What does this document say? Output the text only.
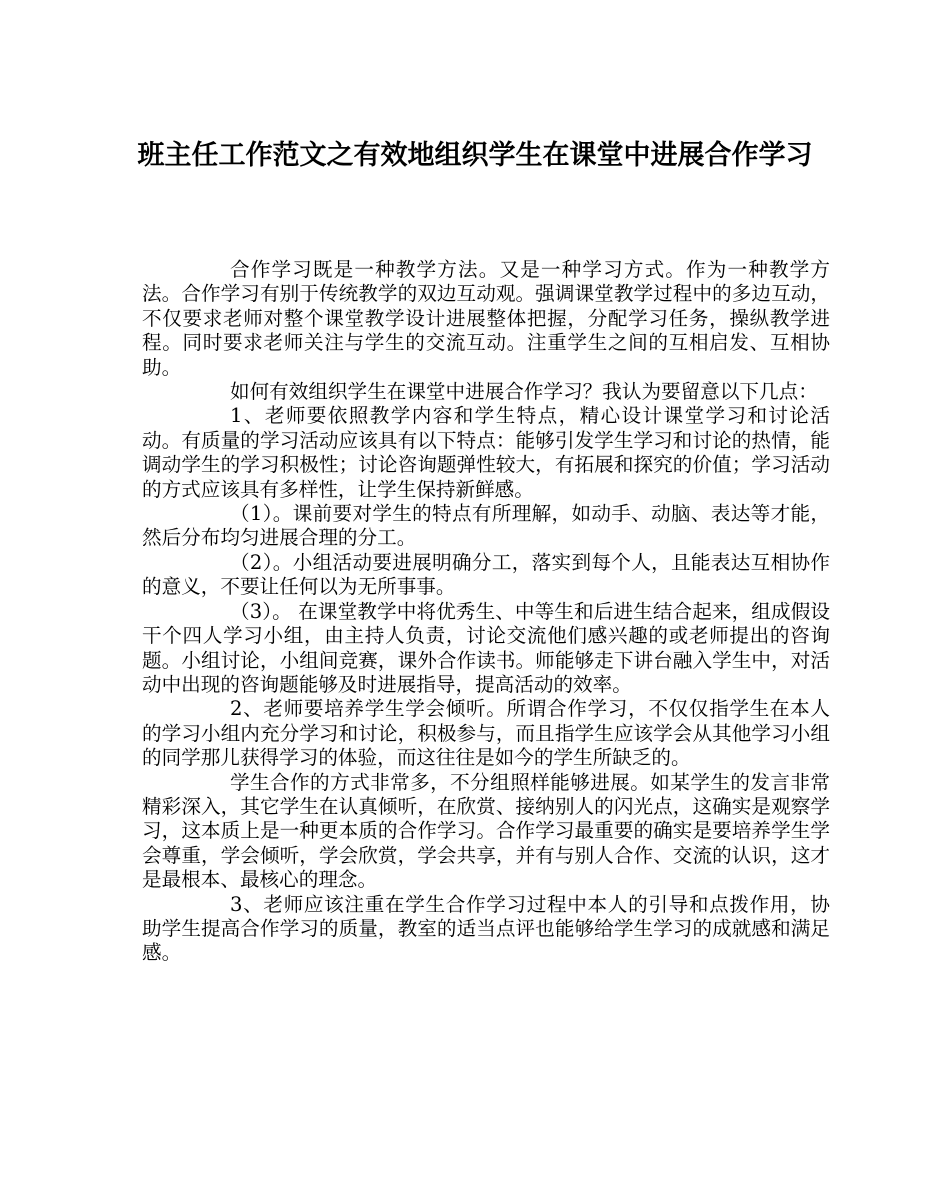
班主任工作范文之有效地组织学生在课堂中进展合作学习

合作学习既是一种教学方法。又是一种学习方式。作为一种教学方法。合作学习有别于传统教学的双边互动观。强调课堂教学过程中的多边互动，不仅要求老师对整个课堂教学设计进展整体把握，分配学习任务，操纵教学进程。同时要求老师关注与学生的交流互动。注重学生之间的互相启发、互相协助。

如何有效组织学生在课堂中进展合作学习？我认为要留意以下几点：

1、老师要依照教学内容和学生特点，精心设计课堂学习和讨论活动。有质量的学习活动应该具有以下特点：能够引发学生学习和讨论的热情，能调动学生的学习积极性；讨论咨询题弹性较大，有拓展和探究的价值；学习活动的方式应该具有多样性，让学生保持新鲜感。

（1）。课前要对学生的特点有所理解，如动手、动脑、表达等才能，然后分布均匀进展合理的分工。

（2）。小组活动要进展明确分工，落实到每个人，且能表达互相协作的意义，不要让任何以为无所事事。

（3）。 在课堂教学中将优秀生、中等生和后进生结合起来，组成假设干个四人学习小组，由主持人负责，讨论交流他们感兴趣的或老师提出的咨询题。小组讨论，小组间竞赛，课外合作读书。师能够走下讲台融入学生中，对活动中出现的咨询题能够及时进展指导，提高活动的效率。

2、老师要培养学生学会倾听。所谓合作学习，不仅仅指学生在本人的学习小组内充分学习和讨论，积极参与，而且指学生应该学会从其他学习小组的同学那儿获得学习的体验，而这往往是如今的学生所缺乏的。

学生合作的方式非常多，不分组照样能够进展。如某学生的发言非常精彩深入，其它学生在认真倾听，在欣赏、接纳别人的闪光点，这确实是观察学习，这本质上是一种更本质的合作学习。合作学习最重要的确实是要培养学生学会尊重，学会倾听，学会欣赏，学会共享，并有与别人合作、交流的认识，这才是最根本、最核心的理念。

3、老师应该注重在学生合作学习过程中本人的引导和点拨作用，协助学生提高合作学习的质量，教室的适当点评也能够给学生学习的成就感和满足感。
